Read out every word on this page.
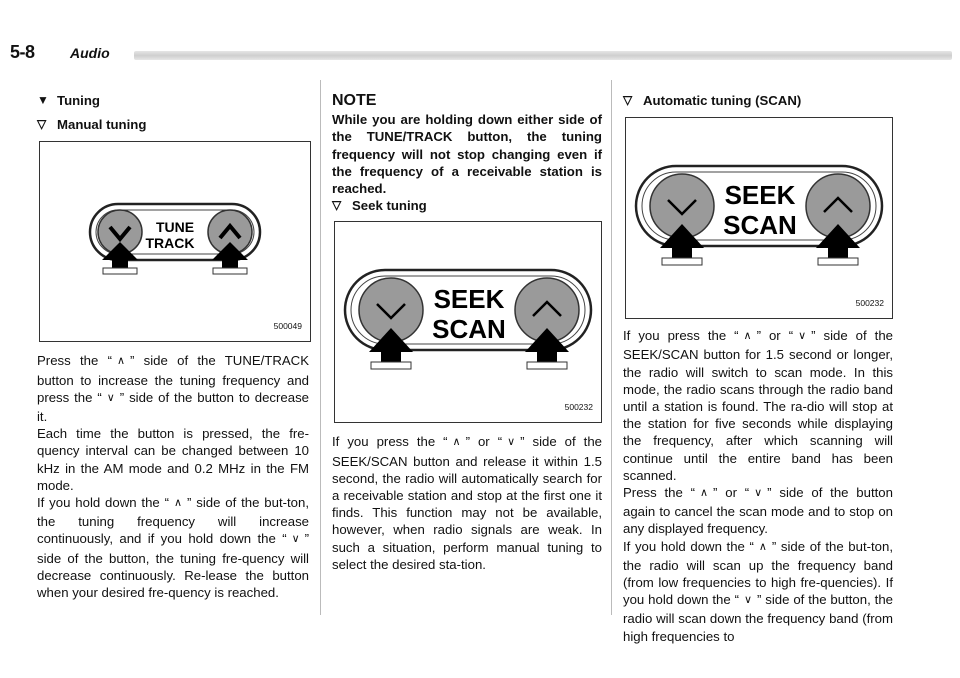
5-8	Audio
▼ Tuning
▽ Manual tuning
TUNE
TRACK
500049

Press the “ ∧ ” side of the TUNE/TRACK button to increase the tuning frequency and press the “ ∨ ” side of the button to decrease it.

Each time the button is pressed, the fre-quency interval can be changed between 10 kHz in the AM mode and 0.2 MHz in the FM mode.

If you hold down the “ ∧ ” side of the but-ton, the tuning frequency will increase continuously, and if you hold down the “ ∨ ” side of the button, the tuning fre-quency will decrease continuously. Re-lease the button when your desired fre-quency is reached.

NOTE

While you are holding down either side of the TUNE/TRACK button, the tuning frequency will not stop changing even if the frequency of a receivable station is reached.

▽ Seek tuning
SEEK
SCAN
500232

If you press the “ ∧ ” or “ ∨ ” side of the SEEK/SCAN button and release it within 1.5 second, the radio will automatically search for a receivable station and stop at the first one it finds. This function may not be available, however, when radio signals are weak. In such a situation, perform manual tuning to select the desired sta-tion.

▽ Automatic tuning (SCAN)
SEEK
SCAN
500232

If you press the “ ∧ ” or “ ∨ ” side of the SEEK/SCAN button for 1.5 second or longer, the radio will switch to scan mode. In this mode, the radio scans through the radio band until a station is found. The ra-dio will stop at the station for five seconds while displaying the frequency, after which scanning will continue until the entire band has been scanned.

Press the “ ∧ ” or “ ∨ ” side of the button again to cancel the scan mode and to stop on any displayed frequency.

If you hold down the “ ∧ ” side of the but-ton, the radio will scan up the frequency band (from low frequencies to high fre-quencies). If you hold down the “ ∨ ” side of the button, the radio will scan down the frequency band (from high frequencies to
